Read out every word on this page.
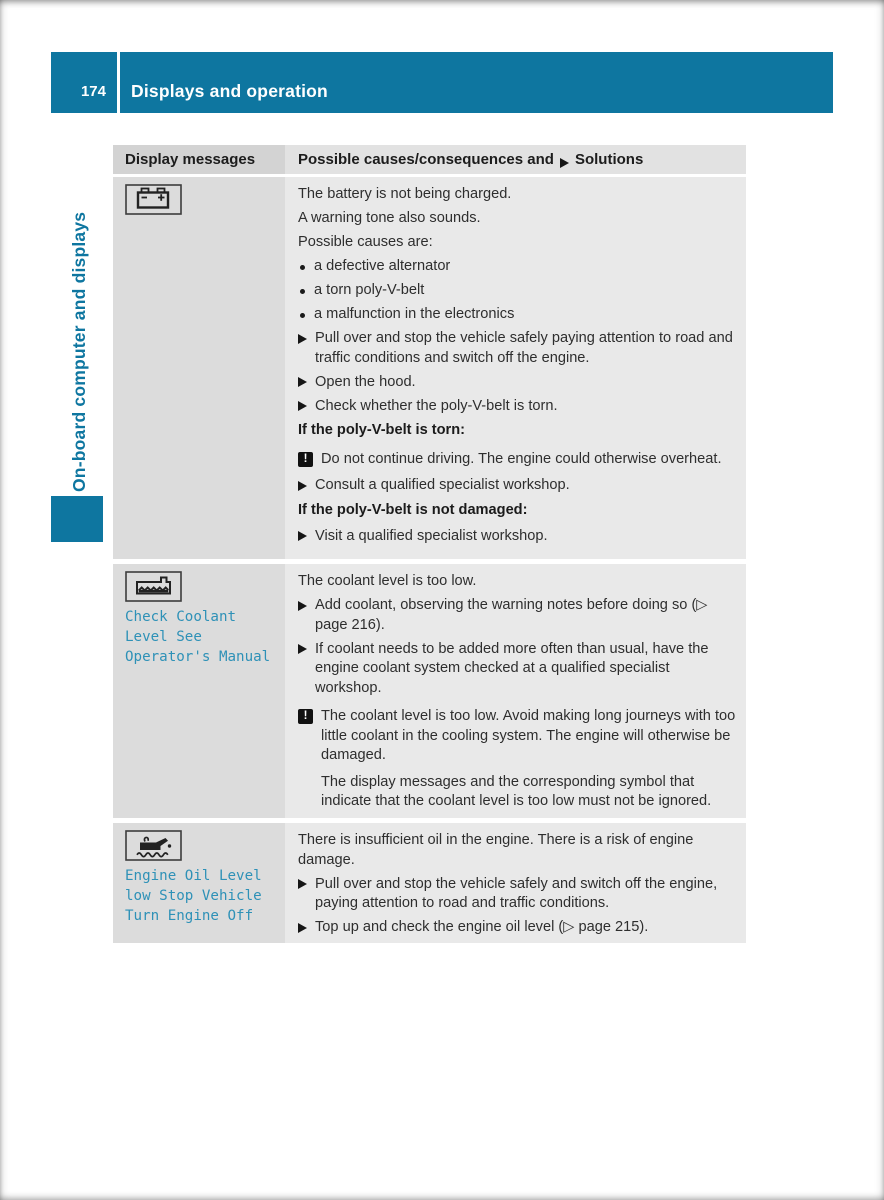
174	Displays and operation
On-board computer and displays
Display messages	Possible causes/consequences and Solutions
The battery is not being charged.
A warning tone also sounds.
Possible causes are:
a defective alternator
a torn poly-V-belt
a malfunction in the electronics
Pull over and stop the vehicle safely paying attention to road and traffic conditions and switch off the engine.
Open the hood.
Check whether the poly-V-belt is torn.
If the poly-V-belt is torn:
! Do not continue driving. The engine could otherwise overheat.
Consult a qualified specialist workshop.
If the poly-V-belt is not damaged:
Visit a qualified specialist workshop.
Check Coolant
Level See
Operator's Manual
The coolant level is too low.
Add coolant, observing the warning notes before doing so (▷ page 216).
If coolant needs to be added more often than usual, have the engine coolant system checked at a qualified specialist workshop.
! The coolant level is too low. Avoid making long journeys with too little coolant in the cooling system. The engine will otherwise be damaged.
The display messages and the corresponding symbol that indicate that the coolant level is too low must not be ignored.
Engine Oil Level
low Stop Vehicle
Turn Engine Off
There is insufficient oil in the engine. There is a risk of engine damage.
Pull over and stop the vehicle safely and switch off the engine, paying attention to road and traffic conditions.
Top up and check the engine oil level (▷ page 215).
